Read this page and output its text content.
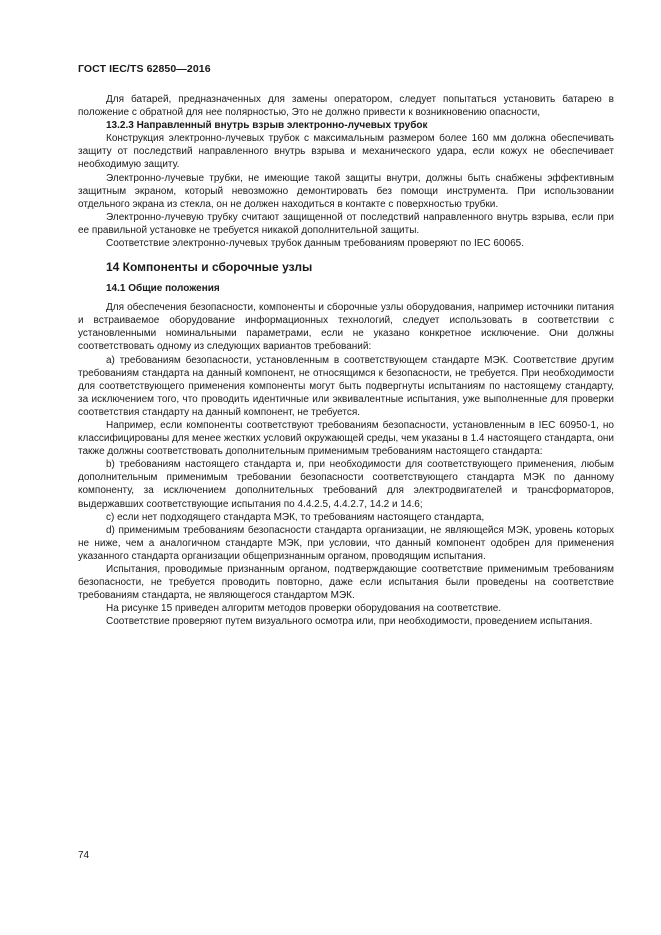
ГОСТ IEC/TS 62850—2016

Для батарей, предназначенных для замены оператором, следует попытаться установить батарею в положение с обратной для нее полярностью, Это не должно привести к возникновению опасности,

13.2.3 Направленный внутрь взрыв электронно-лучевых трубок

Конструкция электронно-лучевых трубок с максимальным размером более 160 мм должна обеспечивать защиту от последствий направленного внутрь взрыва и механического удара, если кожух не обеспечивает необходимую защиту.

Электронно-лучевые трубки, не имеющие такой защиты внутри, должны быть снабжены эффективным защитным экраном, который невозможно демонтировать без помощи инструмента. При использовании отдельного экрана из стекла, он не должен находиться в контакте с поверхностью трубки.

Электронно-лучевую трубку считают защищенной от последствий направленного внутрь взрыва, если при ее правильной установке не требуется никакой дополнительной защиты.

Соответствие электронно-лучевых трубок данным требованиям проверяют по IEC 60065.

14 Компоненты и сборочные узлы
14.1 Общие положения

Для обеспечения безопасности, компоненты и сборочные узлы оборудования, например источники питания и встраиваемое оборудование информационных технологий, следует использовать в соответствии с установленными номинальными параметрами, если не указано конкретное исключение. Они должны соответствовать одному из следующих вариантов требований:

a) требованиям безопасности, установленным в соответствующем стандарте МЭК. Соответствие другим требованиям стандарта на данный компонент, не относящимся к безопасности, не требуется. При необходимости для соответствующего применения компоненты могут быть подвергнуты испытаниям по настоящему стандарту, за исключением того, что проводить идентичные или эквивалентные испытания, уже выполненные для проверки соответствия стандарту на данный компонент, не требуется.

Например, если компоненты соответствуют требованиям безопасности, установленным в IEC 60950-1, но классифицированы для менее жестких условий окружающей среды, чем указаны в 1.4 настоящего стандарта, они также должны соответствовать дополнительным применимым требованиям настоящего стандарта:

b) требованиям настоящего стандарта и, при необходимости для соответствующего применения, любым дополнительным применимым требовании безопасности соответствующего стандарта МЭК по данному компоненту, за исключением дополнительных требований для электродвигателей и трансформаторов, выдержавших соответствующие испытания по 4.4.2.5, 4.4.2.7, 14.2 и 14.6;

c) если нет подходящего стандарта МЭК, то требованиям настоящего стандарта,

d) применимым требованиям безопасности стандарта организации, не являющейся МЭК, уровень которых не ниже, чем а аналогичном стандарте МЭК, при условии, что данный компонент одобрен для применения указанного стандарта организации общепризнанным органом, проводящим испытания.

Испытания, проводимые признанным органом, подтверждающие соответствие применимым требованиям безопасности, не требуется проводить повторно, даже если испытания были проведены на соответствие требованиям стандарта, не являющегося стандартом МЭК.

На рисунке 15 приведен алгоритм методов проверки оборудования на соответствие.

Соответствие проверяют путем визуального осмотра или, при необходимости, проведением испытания.

74
